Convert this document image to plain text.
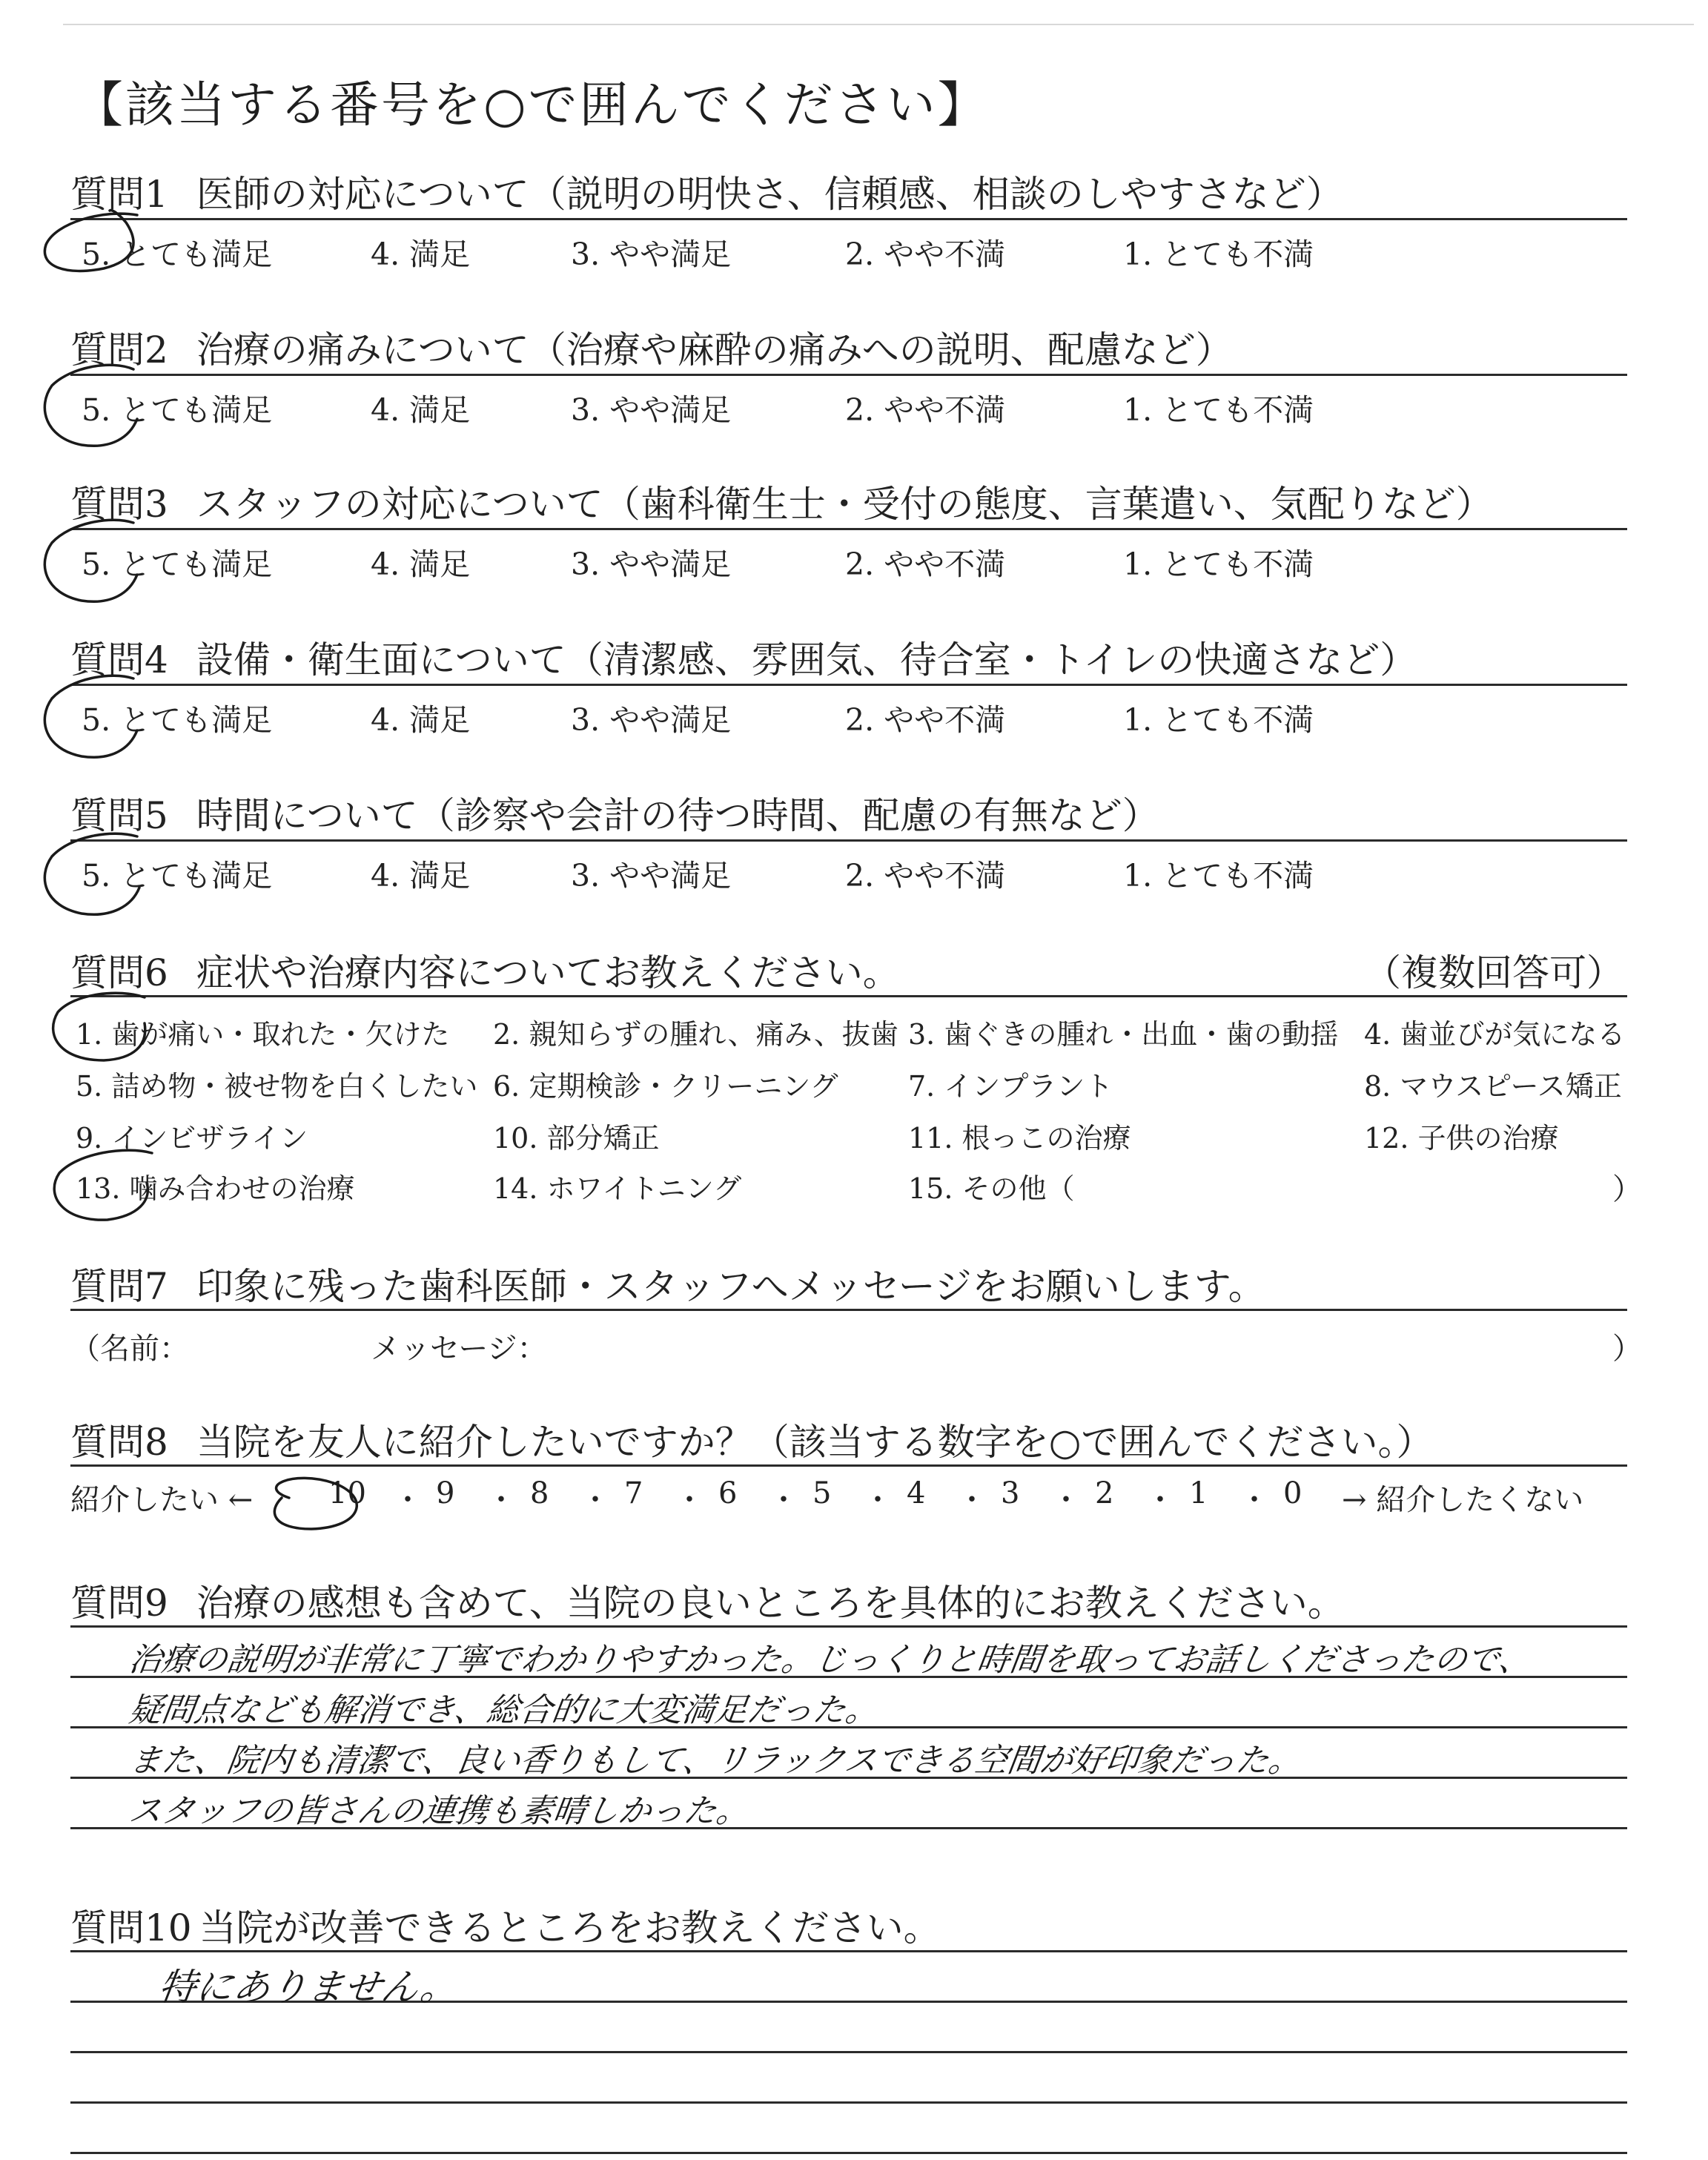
【該当する番号を○で囲んでください】
質問1 医師の対応について（説明の明快さ、信頼感、相談のしやすさなど）
5. とても満足	4. 満足	3. やや満足	2. やや不満	1. とても不満
質問2 治療の痛みについて（治療や麻酔の痛みへの説明、配慮など）
5. とても満足	4. 満足	3. やや満足	2. やや不満	1. とても不満
質問3 スタッフの対応について（歯科衛生士・受付の態度、言葉遣い、気配りなど）
5. とても満足	4. 満足	3. やや満足	2. やや不満	1. とても不満
質問4 設備・衛生面について（清潔感、雰囲気、待合室・トイレの快適さなど）
5. とても満足	4. 満足	3. やや満足	2. やや不満	1. とても不満
質問5 時間について（診察や会計の待つ時間、配慮の有無など）
5. とても満足	4. 満足	3. やや満足	2. やや不満	1. とても不満
質問6 症状や治療内容についてお教えください。	（複数回答可）
1. 歯が痛い・取れた・欠けた 2. 親知らずの腫れ、痛み、抜歯 3. 歯ぐきの腫れ・出血・歯の動揺 4. 歯並びが気になる
5. 詰め物・被せ物を白くしたい 6. 定期検診・クリーニング 7. インプラント	8. マウスピース矯正
9. インビザライン	10. 部分矯正	11. 根っこの治療	12. 子供の治療
13. 噛み合わせの治療	14. ホワイトニング	15. その他（	）
質問7 印象に残った歯科医師・スタッフへメッセージをお願いします。
（名前：	メッセージ：	）
質問8 当院を友人に紹介したいですか？（該当する数字を○で囲んでください。）
紹介したい ←	10 ・ 9 ・ 8 ・ 7 ・ 6 ・ 5 ・ 4 ・ 3 ・ 2 ・ 1 ・ 0 → 紹介したくない
質問9 治療の感想も含めて、当院の良いところを具体的にお教えください。
治療の説明が非常に丁寧でわかりやすかった。じっくりと時間を取ってお話しくださったので、
疑問点なども解消でき、総合的に大変満足だった。
また、院内も清潔で、良い香りもして、リラックスできる空間が好印象だった。
スタッフの皆さんの連携も素晴しかった。
質問10 当院が改善できるところをお教えください。
特にありません。
